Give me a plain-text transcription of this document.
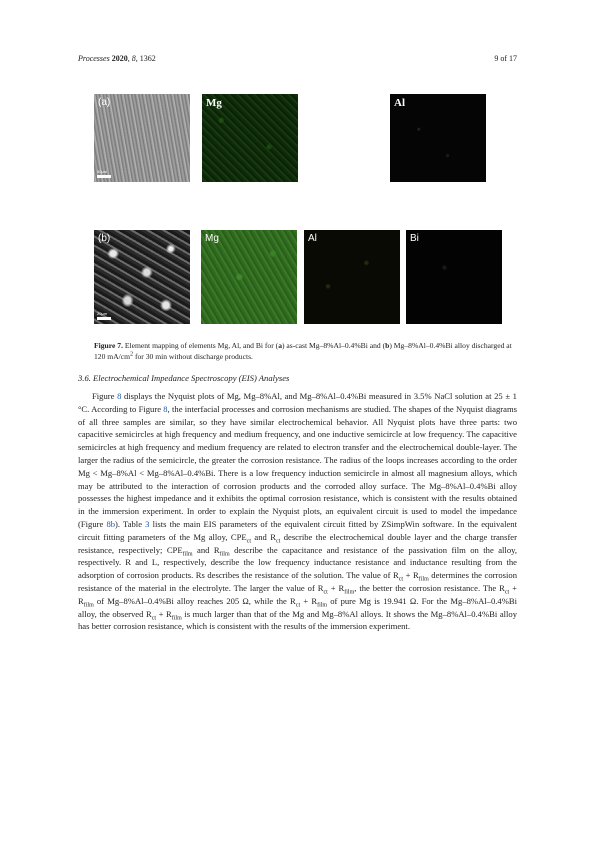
Processes 2020, 8, 1362	9 of 17
(a)
50μm
Mg	Al
(b)
20μm
Mg	Al	Bi
Figure 7. Element mapping of elements Mg, Al, and Bi for (a) as-cast Mg–8%Al–0.4%Bi and (b) Mg–8%Al–0.4%Bi alloy discharged at 120 $mA/cm^2$ for 30 min without discharge products.
3.6. Electrochemical Impedance Spectroscopy (EIS) Analyses

Figure 8 displays the Nyquist plots of Mg, Mg–8%Al, and Mg–8%Al–0.4%Bi measured in 3.5% NaCl solution at 25 ± 1 °C. According to Figure 8, the interfacial processes and corrosion mechanisms are studied. The shapes of the Nyquist diagrams of all three samples are similar, so they have similar electrochemical behavior. All Nyquist plots have three parts: two capacitive semicircles at high frequency and medium frequency, and one inductive semicircle at low frequency. The capacitive semicircles at high frequency and medium frequency are related to electron transfer and the electrochemical double-layer. The larger the radius of the semicircle, the greater the corrosion resistance. The radius of the loops increases according to the order Mg < Mg–8%Al < Mg–8%Al–0.4%Bi. There is a low frequency induction semicircle in almost all magnesium alloys, which may be attributed to the interaction of corrosion products and the corroded alloy surface. The Mg–8%Al–0.4%Bi alloy possesses the highest impedance and it exhibits the optimal corrosion resistance, which is consistent with the results obtained in the immersion experiment. In order to explain the Nyquist plots, an equivalent circuit is used to model the impedance (Figure 8b). Table 3 lists the main EIS parameters of the equivalent circuit fitted by ZSimpWin software. In the equivalent circuit fitting parameters of the Mg alloy, $CPE_{ct}$ and $R_{ct}$ describe the electrochemical double layer and the charge transfer resistance, respectively; $CPE_{film}$ and $R_{film}$ describe the capacitance and resistance of the passivation film on the alloy, respectively. R and L, respectively, describe the low frequency inductance resistance and inductance resulting from the adsorption of corrosion products. Rs describes the resistance of the solution. The value of $R_{ct} + R_{film}$ determines the corrosion resistance of the material in the electrolyte. The larger the value of $R_{ct} + R_{film}$, the better the corrosion resistance. The $R_{ct} + R_{film}$ of Mg–8%Al–0.4%Bi alloy reaches 205 Ω, while the $R_{ct} + R_{film}$ of pure Mg is 19.941 Ω. For the Mg–8%Al–0.4%Bi alloy, the observed $R_{ct} + R_{film}$ is much larger than that of the Mg and Mg–8%Al alloys. It shows the Mg–8%Al–0.4%Bi alloy has better corrosion resistance, which is consistent with the results of the immersion experiment.
